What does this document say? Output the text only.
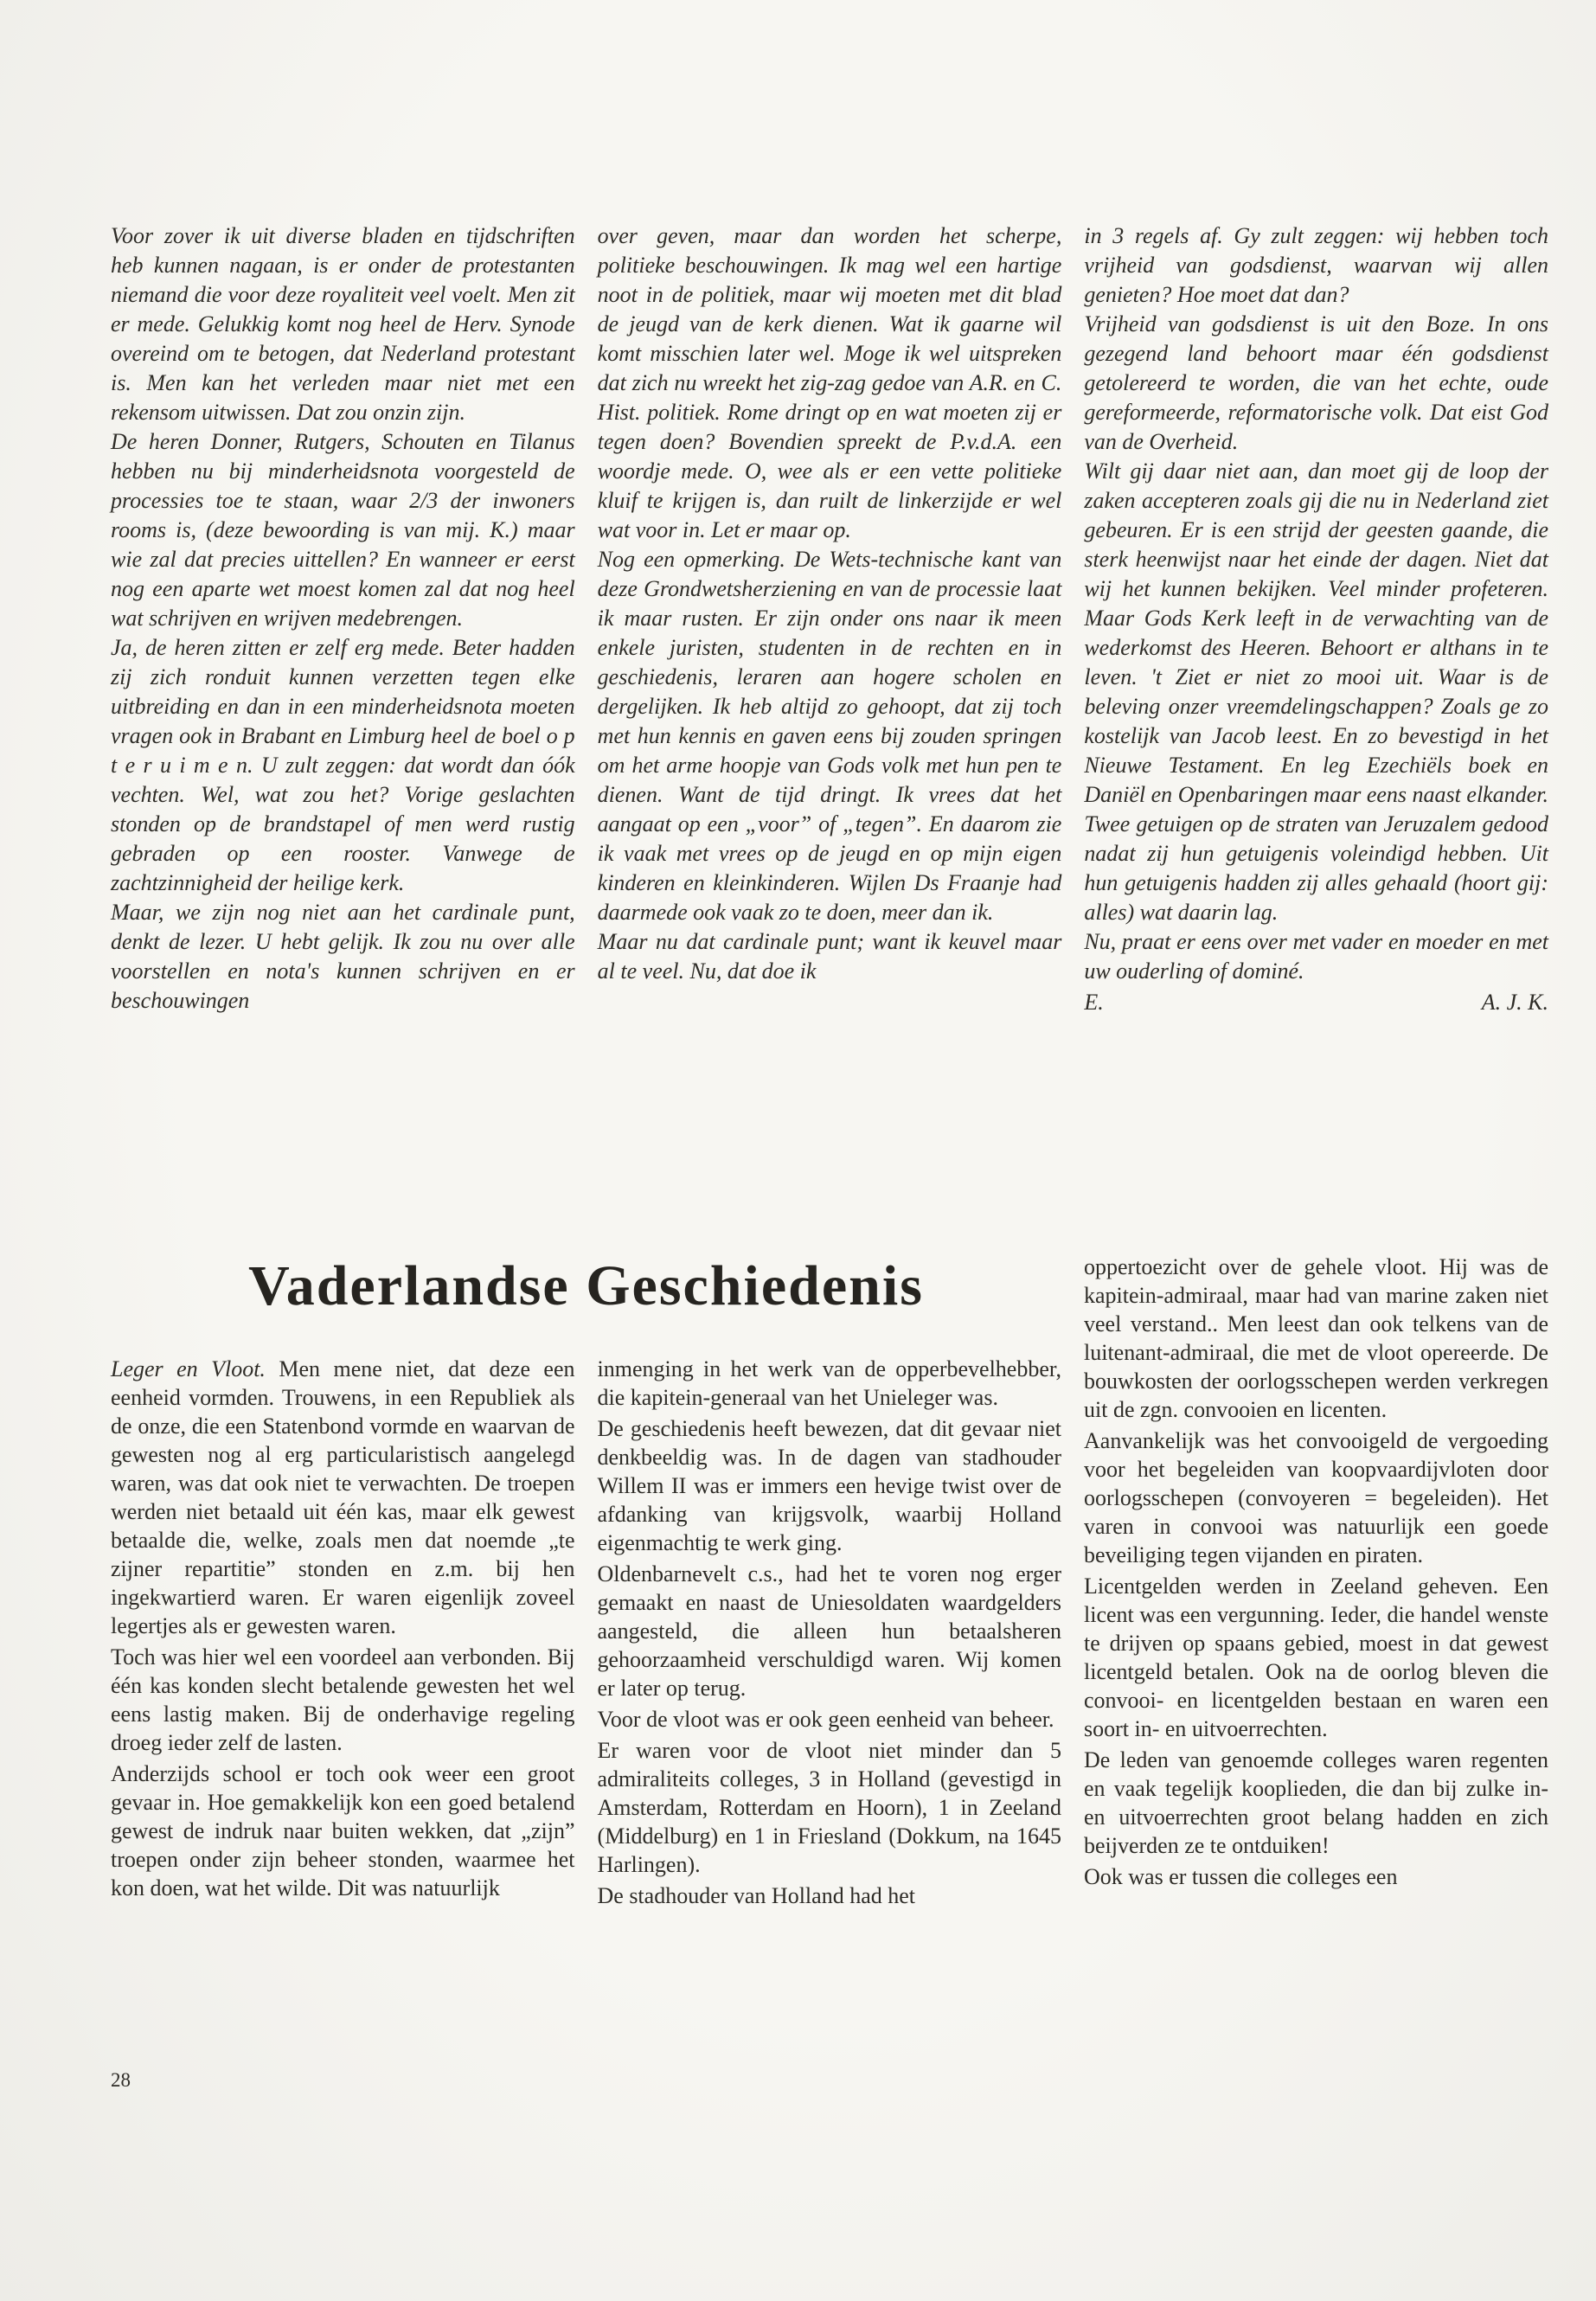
Voor zover ik uit diverse bladen en tijdschriften heb kunnen nagaan, is er onder de protestanten niemand die voor deze royaliteit veel voelt. Men zit er mede. Gelukkig komt nog heel de Herv. Synode overeind om te betogen, dat Nederland protestant is. Men kan het verleden maar niet met een rekensom uitwissen. Dat zou onzin zijn.

De heren Donner, Rutgers, Schouten en Tilanus hebben nu bij minderheidsnota voorgesteld de processies toe te staan, waar 2/3 der inwoners rooms is, (deze bewoording is van mij. K.) maar wie zal dat precies uittellen? En wanneer er eerst nog een aparte wet moest komen zal dat nog heel wat schrijven en wrijven medebrengen.

Ja, de heren zitten er zelf erg mede. Beter hadden zij zich ronduit kunnen verzetten tegen elke uitbreiding en dan in een minderheidsnota moeten vragen ook in Brabant en Limburg heel de boel o p t e r u i m e n. U zult zeggen: dat wordt dan óók vechten. Wel, wat zou het? Vorige geslachten stonden op de brandstapel of men werd rustig gebraden op een rooster. Vanwege de zachtzinnigheid der heilige kerk.

Maar, we zijn nog niet aan het cardinale punt, denkt de lezer. U hebt gelijk. Ik zou nu over alle voorstellen en nota's kunnen schrijven en er beschouwingen

over geven, maar dan worden het scherpe, politieke beschouwingen. Ik mag wel een hartige noot in de politiek, maar wij moeten met dit blad de jeugd van de kerk dienen. Wat ik gaarne wil komt misschien later wel. Moge ik wel uitspreken dat zich nu wreekt het zig-zag gedoe van A.R. en C. Hist. politiek. Rome dringt op en wat moeten zij er tegen doen? Bovendien spreekt de P.v.d.A. een woordje mede. O, wee als er een vette politieke kluif te krijgen is, dan ruilt de linkerzijde er wel wat voor in. Let er maar op.

Nog een opmerking. De Wets-technische kant van deze Grondwetsherziening en van de processie laat ik maar rusten. Er zijn onder ons naar ik meen enkele juristen, studenten in de rechten en in geschiedenis, leraren aan hogere scholen en dergelijken. Ik heb altijd zo gehoopt, dat zij toch met hun kennis en gaven eens bij zouden springen om het arme hoopje van Gods volk met hun pen te dienen. Want de tijd dringt. Ik vrees dat het aangaat op een „voor” of „tegen”. En daarom zie ik vaak met vrees op de jeugd en op mijn eigen kinderen en kleinkinderen. Wijlen Ds Fraanje had daarmede ook vaak zo te doen, meer dan ik.

Maar nu dat cardinale punt; want ik keuvel maar al te veel. Nu, dat doe ik

in 3 regels af. Gy zult zeggen: wij hebben toch vrijheid van godsdienst, waarvan wij allen genieten? Hoe moet dat dan?

Vrijheid van godsdienst is uit den Boze. In ons gezegend land behoort maar één godsdienst getolereerd te worden, die van het echte, oude gereformeerde, reformatorische volk. Dat eist God van de Overheid.

Wilt gij daar niet aan, dan moet gij de loop der zaken accepteren zoals gij die nu in Nederland ziet gebeuren. Er is een strijd der geesten gaande, die sterk heenwijst naar het einde der dagen. Niet dat wij het kunnen bekijken. Veel minder profeteren. Maar Gods Kerk leeft in de verwachting van de wederkomst des Heeren. Behoort er althans in te leven. 't Ziet er niet zo mooi uit. Waar is de beleving onzer vreemdelingschappen? Zoals ge zo kostelijk van Jacob leest. En zo bevestigd in het Nieuwe Testament. En leg Ezechiëls boek en Daniël en Openbaringen maar eens naast elkander. Twee getuigen op de straten van Jeruzalem gedood nadat zij hun getuigenis voleindigd hebben. Uit hun getuigenis hadden zij alles gehaald (hoort gij: alles) wat daarin lag.

Nu, praat er eens over met vader en moeder en met uw ouderling of dominé.

E.	A. J. K.
Vaderlandse Geschiedenis

Leger en Vloot. Men mene niet, dat deze een eenheid vormden. Trouwens, in een Republiek als de onze, die een Statenbond vormde en waarvan de gewesten nog al erg particularistisch aangelegd waren, was dat ook niet te verwachten. De troepen werden niet betaald uit één kas, maar elk gewest betaalde die, welke, zoals men dat noemde „te zijner repartitie” stonden en z.m. bij hen ingekwartierd waren. Er waren eigenlijk zoveel legertjes als er gewesten waren.

Toch was hier wel een voordeel aan verbonden. Bij één kas konden slecht betalende gewesten het wel eens lastig maken. Bij de onderhavige regeling droeg ieder zelf de lasten.

Anderzijds school er toch ook weer een groot gevaar in. Hoe gemakkelijk kon een goed betalend gewest de indruk naar buiten wekken, dat „zijn” troepen onder zijn beheer stonden, waarmee het kon doen, wat het wilde. Dit was natuurlijk

inmenging in het werk van de opperbevelhebber, die kapitein-generaal van het Unieleger was.

De geschiedenis heeft bewezen, dat dit gevaar niet denkbeeldig was. In de dagen van stadhouder Willem II was er immers een hevige twist over de afdanking van krijgsvolk, waarbij Holland eigenmachtig te werk ging.

Oldenbarnevelt c.s., had het te voren nog erger gemaakt en naast de Uniesoldaten waardgelders aangesteld, die alleen hun betaalsheren gehoorzaamheid verschuldigd waren. Wij komen er later op terug.

Voor de vloot was er ook geen eenheid van beheer.

Er waren voor de vloot niet minder dan 5 admiraliteits colleges, 3 in Holland (gevestigd in Amsterdam, Rotterdam en Hoorn), 1 in Zeeland (Middelburg) en 1 in Friesland (Dokkum, na 1645 Harlingen).

De stadhouder van Holland had het

oppertoezicht over de gehele vloot. Hij was de kapitein-admiraal, maar had van marine zaken niet veel verstand.. Men leest dan ook telkens van de luitenant-admiraal, die met de vloot opereerde. De bouwkosten der oorlogsschepen werden verkregen uit de zgn. convooien en licenten.

Aanvankelijk was het convooigeld de vergoeding voor het begeleiden van koopvaardijvloten door oorlogsschepen (convoyeren = begeleiden). Het varen in convooi was natuurlijk een goede beveiliging tegen vijanden en piraten.

Licentgelden werden in Zeeland geheven. Een licent was een vergunning. Ieder, die handel wenste te drijven op spaans gebied, moest in dat gewest licentgeld betalen. Ook na de oorlog bleven die convooi- en licentgelden bestaan en waren een soort in- en uitvoerrechten.

De leden van genoemde colleges waren regenten en vaak tegelijk kooplieden, die dan bij zulke in- en uitvoerrechten groot belang hadden en zich beijverden ze te ontduiken!

Ook was er tussen die colleges een

28
